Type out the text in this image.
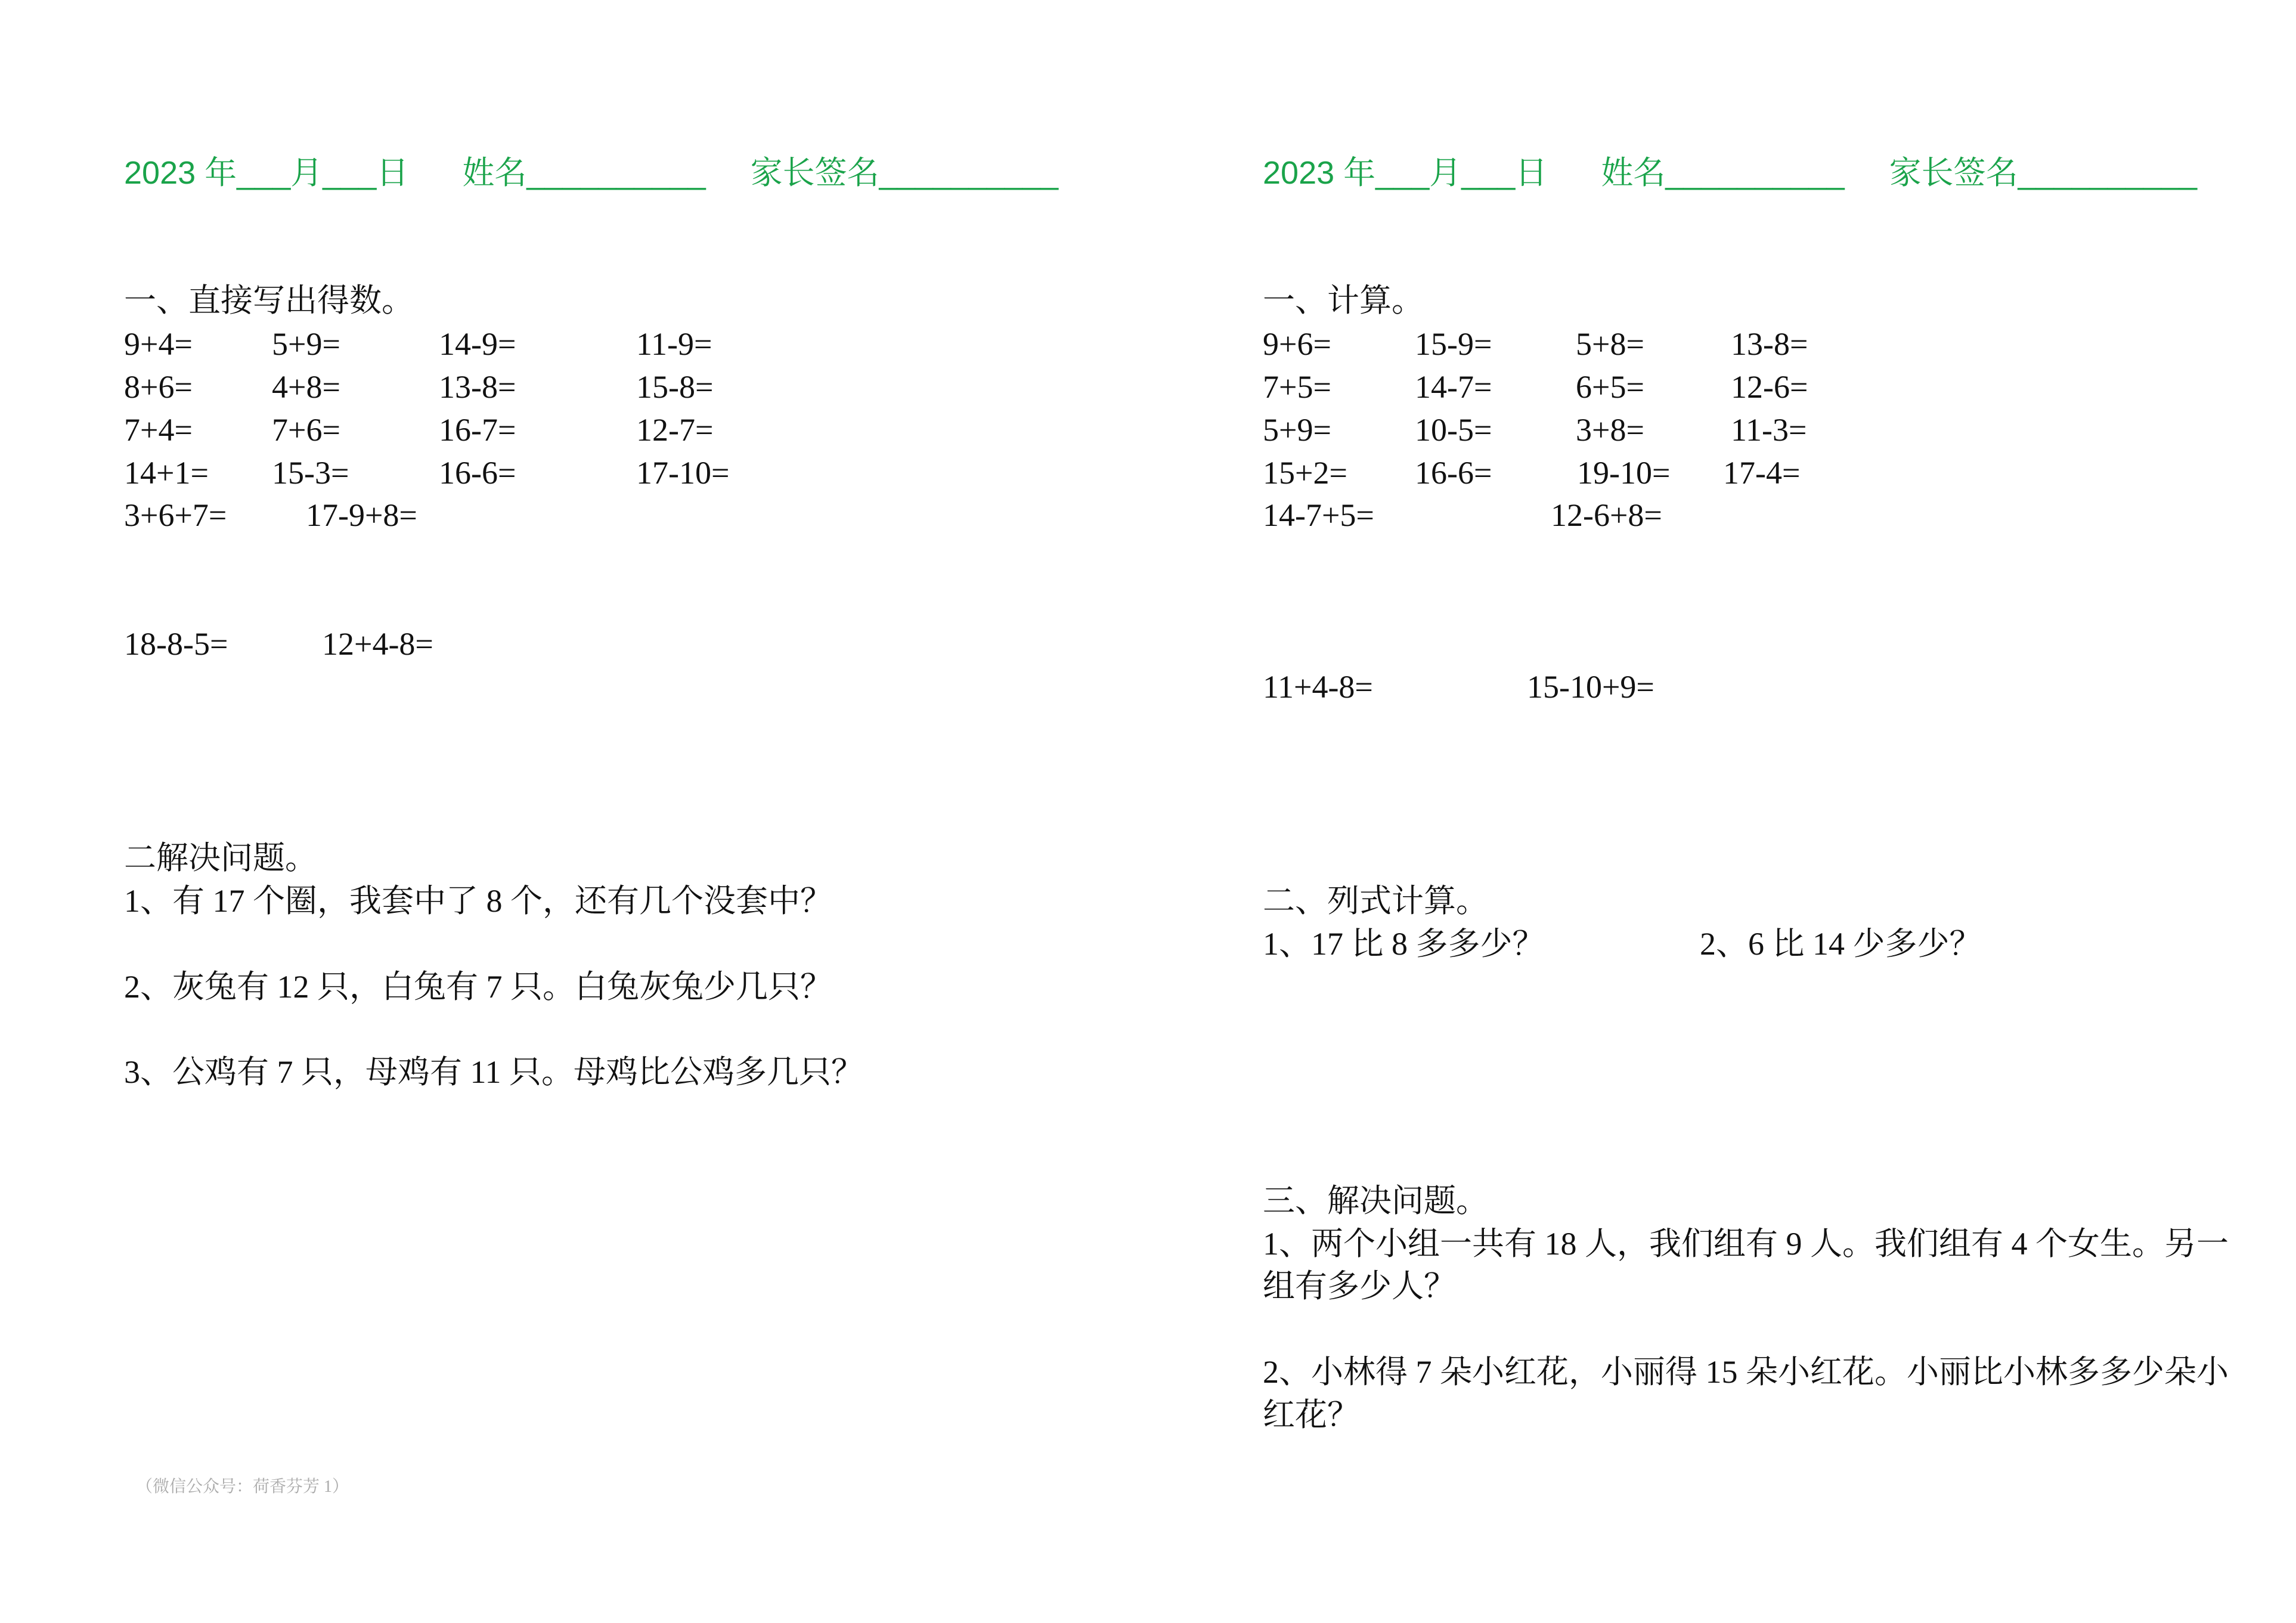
2023 年___月___日      姓名__________     家长签名__________	2023 年___月___日      姓名__________     家长签名__________
一、直接写出得数。
9+4= 5+9=	14-9=	11-9=
8+6= 4+8=	13-8=	15-8=
7+4= 7+6=	16-7=	12-7=
14+1= 15-3=	16-6=	17-10=
3+6+7= 17-9+8=
18-8-5=	12+4-8=
二解决问题。
1、有 17 个圈，我套中了 8 个，还有几个没套中？
2、灰兔有 12 只，白兔有 7 只。白兔灰兔少几只？
3、公鸡有 7 只，母鸡有 11 只。母鸡比公鸡多几只？
（微信公众号：荷香芬芳 1）
一、计算。
9+6=	15-9=	5+8=	13-8=
7+5=	14-7=	6+5=	12-6=
5+9=	10-5=	3+8=	11-3=
15+2= 16-6=	19-10= 17-4=
14-7+5=	12-6+8=
11+4-8=	15-10+9=
二、列式计算。
1、17 比 8 多多少？	2、6 比 14 少多少？
三、解决问题。
1、两个小组一共有 18 人，我们组有 9 人。我们组有 4 个女生。另一
组有多少人？
2、小林得 7 朵小红花，小丽得 15 朵小红花。小丽比小林多多少朵小
红花？
